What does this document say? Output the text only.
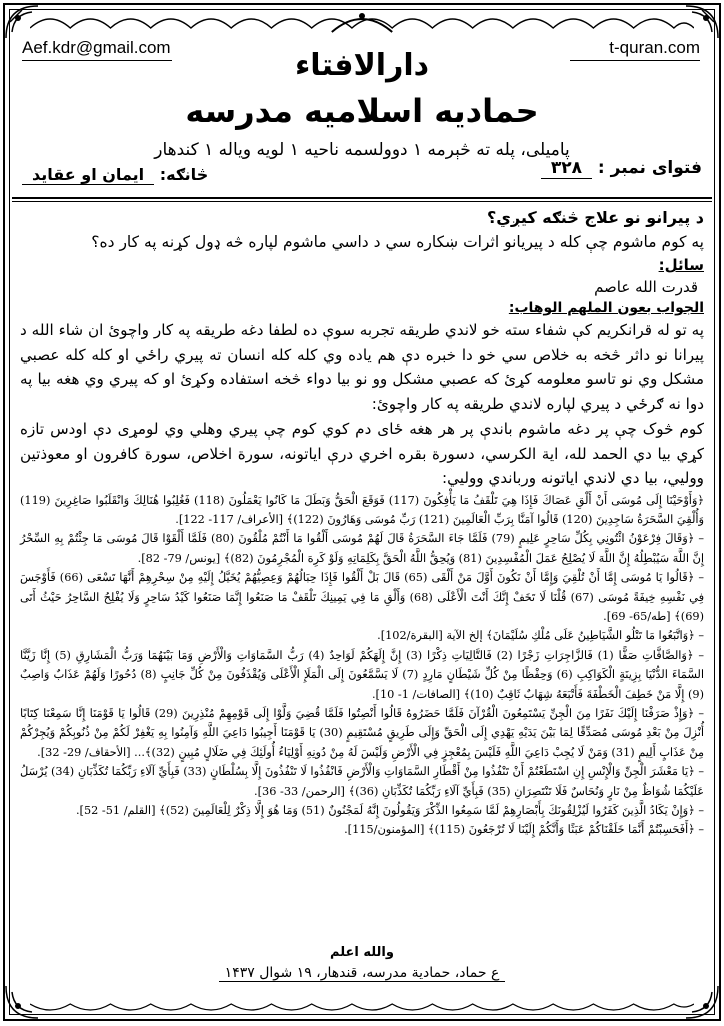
Aef.kdr@gmail.com	t-quran.com
دارالافتاء
حمادیه اسلامیه مدرسه
پامیلی، پله ته څېرمه ۱ دوولسمه ناحیه ۱ لویه ویاله ۱ کندهار
فتوای نمبر : ۳۲۸
څانګه: ایمان او عقاید
د پیرانو نو علاج څنګه کیږي؟
په کوم ماشوم چې کله د پیریانو اثرات ښکاره سي د داسي ماشوم لپاره څه ډول کړنه په کار ده؟
سائل:
قدرت الله عاصم
الجواب بعون الملهم الوهاب:
په تو له قرانکریم کې شفاء سته خو لاندي طریقه تجربه سوې ده لطفا دغه طریقه په کار واچوئ ان شاء الله د پیرانا نو داثر څخه به خلاص سي خو دا خبره دې هم یاده وي کله کله انسان ته پیري راځي او کله کله عصبي مشکل وي نو تاسو معلومه کړئ که عصبي مشکل وو نو بیا دواء څخه استفاده وکړئ او که پیري وي هغه بیا په دوا نه ګرځي د پیري لپاره لاندي طریقه په کار واچوئ:
کوم څوک چې پر دغه ماشوم باندې پر هر هغه ځای دم کوي کوم چې پیري وهلي وي لومړی دې اودس تازه کړي بیا دي الحمد لله، اية الکرسي، دسورة بقره اخري درې ایاتونه، سورة اخلاص، سورة کافرون او معوذتین وولیي، بیا دي لاندي ایاتونه ورباندي وولیي:
﴿وَأَوْحَيْنَا إِلَى مُوسَى أَنْ أَلْقِ عَصَاكَ فَإِذَا هِيَ تَلْقَفُ مَا يَأْفِكُونَ (117) فَوَقَعَ الْحَقُّ وَبَطَلَ مَا كَانُوا يَعْمَلُونَ (118) فَغُلِبُوا هُنَالِكَ وَانْقَلَبُوا صَاغِرِينَ (119) وَأُلْقِيَ السَّحَرَةُ سَاجِدِينَ (120) قَالُوا آمَنَّا بِرَبِّ الْعَالَمِينَ (121) رَبِّ مُوسَى وَهَارُونَ (122)﴾ [الأعراف/ 117- 122].
– ﴿وَقَالَ فِرْعَوْنُ ائْتُونِي بِكُلِّ سَاحِرٍ عَلِيمٍ (79) فَلَمَّا جَاءَ السَّحَرَةُ قَالَ لَهُمْ مُوسَى أَلْقُوا مَا أَنْتُمْ مُلْقُونَ (80) فَلَمَّا أَلْقَوْا قَالَ مُوسَى مَا جِئْتُمْ بِهِ السِّحْرُ إِنَّ اللَّهَ سَيُبْطِلُهُ إِنَّ اللَّهَ لَا يُصْلِحُ عَمَلَ الْمُفْسِدِينَ (81) وَيُحِقُّ اللَّهُ الْحَقَّ بِكَلِمَاتِهِ وَلَوْ كَرِهَ الْمُجْرِمُونَ (82)﴾ [يونس/ 79- 82].
– ﴿قَالُوا يَا مُوسَى إِمَّا أَنْ تُلْقِيَ وَإِمَّا أَنْ نَكُونَ أَوَّلَ مَنْ أَلْقَى (65) قَالَ بَلْ أَلْقُوا فَإِذَا حِبَالُهُمْ وَعِصِيُّهُمْ يُخَيَّلُ إِلَيْهِ مِنْ سِحْرِهِمْ أَنَّهَا تَسْعَى (66) فَأَوْجَسَ فِي نَفْسِهِ خِيفَةً مُوسَى (67) قُلْنَا لَا تَخَفْ إِنَّكَ أَنْتَ الْأَعْلَى (68) وَأَلْقِ مَا فِي يَمِينِكَ تَلْقَفْ مَا صَنَعُوا إِنَّمَا صَنَعُوا كَيْدُ سَاحِرٍ وَلَا يُفْلِحُ السَّاحِرُ حَيْثُ أَتَى (69)﴾ [طه/65- 69].
– ﴿وَاتَّبَعُوا مَا تَتْلُو الشَّيَاطِينُ عَلَى مُلْكِ سُلَيْمَانَ﴾ إلخ الآية [البقرة/102].
– ﴿وَالصَّافَّاتِ صَفًّا (1) فَالزَّاجِرَاتِ زَجْرًا (2) فَالتَّالِيَاتِ ذِكْرًا (3) إِنَّ إِلَهَكُمْ لَوَاحِدٌ (4) رَبُّ السَّمَاوَاتِ وَالْأَرْضِ وَمَا بَيْنَهُمَا وَرَبُّ الْمَشَارِقِ (5) إِنَّا زَيَّنَّا السَّمَاءَ الدُّنْيَا بِزِينَةٍ الْكَوَاكِبِ (6) وَحِفْظًا مِنْ كُلِّ شَيْطَانٍ مَارِدٍ (7) لَا يَسَّمَّعُونَ إِلَى الْمَلَإِ الْأَعْلَى وَيُقْذَفُونَ مِنْ كُلِّ جَانِبٍ (8) دُحُورًا وَلَهُمْ عَذَابٌ وَاصِبٌ (9) إِلَّا مَنْ خَطِفَ الْخَطْفَةَ فَأَتْبَعَهُ شِهَابٌ ثَاقِبٌ (10)﴾ [الصافات/ 1- 10].
– ﴿وَإِذْ صَرَفْنَا إِلَيْكَ نَفَرًا مِنَ الْجِنِّ يَسْتَمِعُونَ الْقُرْآنَ فَلَمَّا حَضَرُوهُ قَالُوا أَنْصِتُوا فَلَمَّا قُضِيَ وَلَّوْا إِلَى قَوْمِهِمْ مُنْذِرِينَ (29) قَالُوا يَا قَوْمَنَا إِنَّا سَمِعْنَا كِتَابًا أُنْزِلَ مِنْ بَعْدِ مُوسَى مُصَدِّقًا لِمَا بَيْنَ يَدَيْهِ يَهْدِي إِلَى الْحَقِّ وَإِلَى طَرِيقٍ مُسْتَقِيمٍ (30) يَا قَوْمَنَا أَجِيبُوا دَاعِيَ اللَّهِ وَآمِنُوا بِهِ يَغْفِرْ لَكُمْ مِنْ ذُنُوبِكُمْ وَيُجِرْكُمْ مِنْ عَذَابٍ أَلِيمٍ (31) وَمَنْ لَا يُجِبْ دَاعِيَ اللَّهِ فَلَيْسَ بِمُعْجِزٍ فِي الْأَرْضِ وَلَيْسَ لَهُ مِنْ دُونِهِ أَوْلِيَاءُ أُولَئِكَ فِي ضَلَالٍ مُبِينٍ (32)﴾... [الأحقاف/ 29- 32].
– ﴿يَا مَعْشَرَ الْجِنِّ وَالْإِنْسِ إِنِ اسْتَطَعْتُمْ أَنْ تَنْفُذُوا مِنْ أَقْطَارِ السَّمَاوَاتِ وَالْأَرْضِ فَانْفُذُوا لَا تَنْفُذُونَ إِلَّا بِسُلْطَانٍ (33) فَبِأَيِّ آلَاءِ رَبِّكُمَا تُكَذِّبَانِ (34) يُرْسَلُ عَلَيْكُمَا شُوَاظٌ مِنْ نَارٍ وَنُحَاسٌ فَلَا تَنْتَصِرَانِ (35) فَبِأَيِّ آلَاءِ رَبِّكُمَا تُكَذِّبَانِ (36)﴾ [الرحمن/ 33- 36].
– ﴿وَإِنْ يَكَادُ الَّذِينَ كَفَرُوا لَيُزْلِقُونَكَ بِأَبْصَارِهِمْ لَمَّا سَمِعُوا الذِّكْرَ وَيَقُولُونَ إِنَّهُ لَمَجْنُونٌ (51) وَمَا هُوَ إِلَّا ذِكْرٌ لِلْعَالَمِينَ (52)﴾ [القلم/ 51- 52].
– ﴿أَفَحَسِبْتُمْ أَنَّمَا خَلَقْنَاكُمْ عَبَثًا وَأَنَّكُمْ إِلَيْنَا لَا تُرْجَعُونَ (115)﴾ [المؤمنون/115].
والله اعلم
ع حماد، حمادیة مدرسه، قندهار، ۱۹ شوال ۱۴۳۷
